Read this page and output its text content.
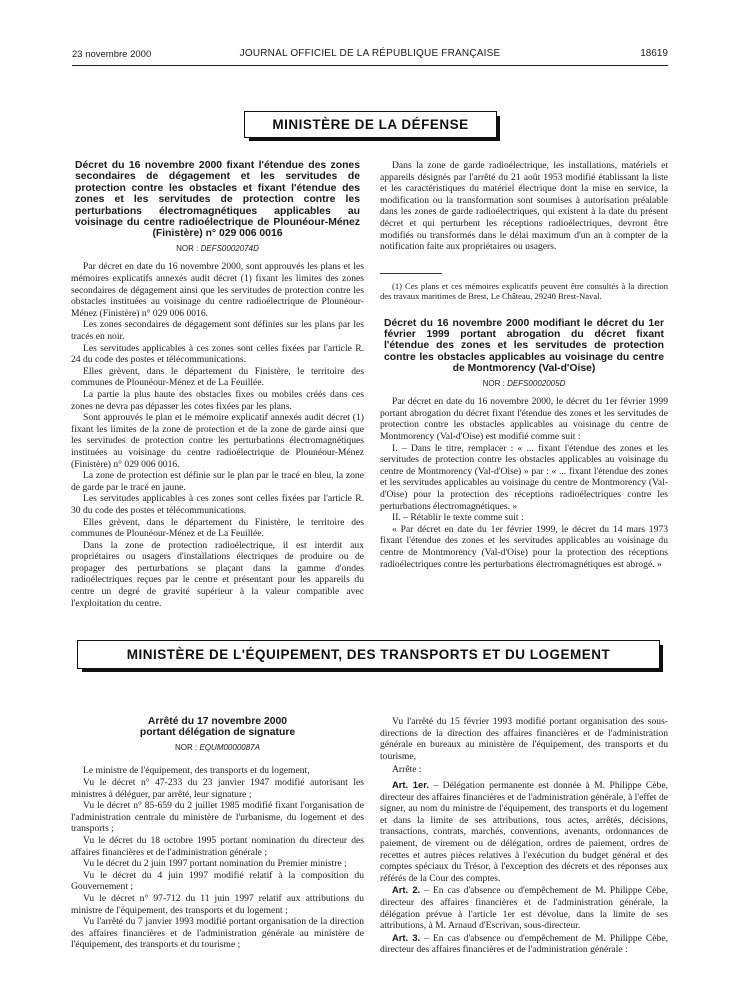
23 novembre 2000	JOURNAL OFFICIEL DE LA RÉPUBLIQUE FRANÇAISE	18619
MINISTÈRE DE LA DÉFENSE
Décret du 16 novembre 2000 fixant l'étendue des zones secondaires de dégagement et les servitudes de protection contre les obstacles et fixant l'étendue des zones et les servitudes de protection contre les perturbations électromagnétiques applicables au voisinage du centre radioélectrique de Plounéour-Ménez (Finistère) n° 029 006 0016
NOR : DEFS0002074D

Par décret en date du 16 novembre 2000, sont approuvés les plans et les mémoires explicatifs annexés audit décret (1) fixant les limites des zones secondaires de dégagement ainsi que les servitudes de protection contre les obstacles instituées au voisinage du centre radioélectrique de Plounéour-Ménez (Finistère) n° 029 006 0016.

Les zones secondaires de dégagement sont définies sur les plans par les tracés en noir.

Les servitudes applicables à ces zones sont celles fixées par l'article R. 24 du code des postes et télécommunications.

Elles grèvent, dans le département du Finistère, le territoire des communes de Plounéour-Ménez et de La Feuillée.

La partie la plus haute des obstacles fixes ou mobiles créés dans ces zones ne devra pas dépasser les cotes fixées par les plans.

Sont approuvés le plan et le mémoire explicatif annexés audit décret (1) fixant les limites de la zone de protection et de la zone de garde ainsi que les servitudes de protection contre les perturbations électromagnétiques instituées au voisinage du centre radioélectrique de Plounéour-Ménez (Finistère) n° 029 006 0016.

La zone de protection est définie sur le plan par le tracé en bleu, la zone de garde par le tracé en jaune.

Les servitudes applicables à ces zones sont celles fixées par l'article R. 30 du code des postes et télécommunications.

Elles grèvent, dans le département du Finistère, le territoire des communes de Plounéour-Ménez et de La Feuillée.

Dans la zone de protection radioélectrique, il est interdit aux propriétaires ou usagers d'installations électriques de produire ou de propager des perturbations se plaçant dans la gamme d'ondes radioélectriques reçues par le centre et présentant pour les appareils du centre un degré de gravité supérieur à la valeur compatible avec l'exploitation du centre.

Dans la zone de garde radioélectrique, les installations, matériels et appareils désignés par l'arrêté du 21 août 1953 modifié établissant la liste et les caractéristiques du matériel électrique dont la mise en service, la modification ou la transformation sont soumises à autorisation préalable dans les zones de garde radioélectriques, qui existent à la date du présent décret et qui perturbent les réceptions radioélectriques, devront être modifiés ou transformés dans le délai maximum d'un an à compter de la notification faite aux propriétaires ou usagers.

(1) Ces plans et ces mémoires explicatifs peuvent être consultés à la direction des travaux maritimes de Brest, Le Château, 29240 Brest-Naval.

Décret du 16 novembre 2000 modifiant le décret du 1er février 1999 portant abrogation du décret fixant l'étendue des zones et les servitudes de protection contre les obstacles applicables au voisinage du centre de Montmorency (Val-d'Oise)
NOR : DEFS0002005D

Par décret en date du 16 novembre 2000, le décret du 1er février 1999 portant abrogation du décret fixant l'étendue des zones et les servitudes de protection contre les obstacles applicables au voisinage du centre de Montmorency (Val-d'Oise) est modifié comme suit :

I. – Dans le titre, remplacer : « ... fixant l'étendue des zones et les servitudes de protection contre les obstacles applicables au voisinage du centre de Montmorency (Val-d'Oise) » par : « ... fixant l'étendue des zones et les servitudes applicables au voisinage du centre de Montmorency (Val-d'Oise) pour la protection des réceptions radioélectriques contre les perturbations électromagnétiques. »

II. – Rétablir le texte comme suit :

« Par décret en date du 1er février 1999, le décret du 14 mars 1973 fixant l'étendue des zones et les servitudes applicables au voisinage du centre de Montmorency (Val-d'Oise) pour la protection des réceptions radioélectriques contre les perturbations électromagnétiques est abrogé. »

MINISTÈRE DE L'ÉQUIPEMENT, DES TRANSPORTS ET DU LOGEMENT
Arrêté du 17 novembre 2000 portant délégation de signature
NOR : EQUM0000087A

Le ministre de l'équipement, des transports et du logement,

Vu le décret n° 47-233 du 23 janvier 1947 modifié autorisant les ministres à déléguer, par arrêté, leur signature ;

Vu le décret n° 85-659 du 2 juillet 1985 modifié fixant l'organisation de l'administration centrale du ministère de l'urbanisme, du logement et des transports ;

Vu le décret du 18 octobre 1995 portant nomination du directeur des affaires financières et de l'administration générale ;

Vu le décret du 2 juin 1997 portant nomination du Premier ministre ;

Vu le décret du 4 juin 1997 modifié relatif à la composition du Gouvernement ;

Vu le décret n° 97-712 du 11 juin 1997 relatif aux attributions du ministre de l'équipement, des transports et du logement ;

Vu l'arrêté du 7 janvier 1993 modifié portant organisation de la direction des affaires financières et de l'administration générale au ministère de l'équipement, des transports et du tourisme ;

Vu l'arrêté du 15 février 1993 modifié portant organisation des sous-directions de la direction des affaires financières et de l'administration générale en bureaux au ministère de l'équipement, des transports et du tourisme,

Arrête :

Art. 1er. – Délégation permanente est donnée à M. Philippe Cèbe, directeur des affaires financières et de l'administration générale, à l'effet de signer, au nom du ministre de l'équipement, des transports et du logement et dans la limite de ses attributions, tous actes, arrêtés, décisions, transactions, contrats, marchés, conventions, avenants, ordonnances de paiement, de virement ou de délégation, ordres de paiement, ordres de recettes et autres pièces relatives à l'exécution du budget général et des comptes spéciaux du Trésor, à l'exception des décrets et des réponses aux référés de la Cour des comptes.

Art. 2. – En cas d'absence ou d'empêchement de M. Philippe Cèbe, directeur des affaires financières et de l'administration générale, la délégation prévue à l'article 1er est dévolue, dans la limite de ses attributions, à M. Arnaud d'Escrivan, sous-directeur.

Art. 3. – En cas d'absence ou d'empêchement de M. Philippe Cèbe, directeur des affaires financières et de l'administration générale :
